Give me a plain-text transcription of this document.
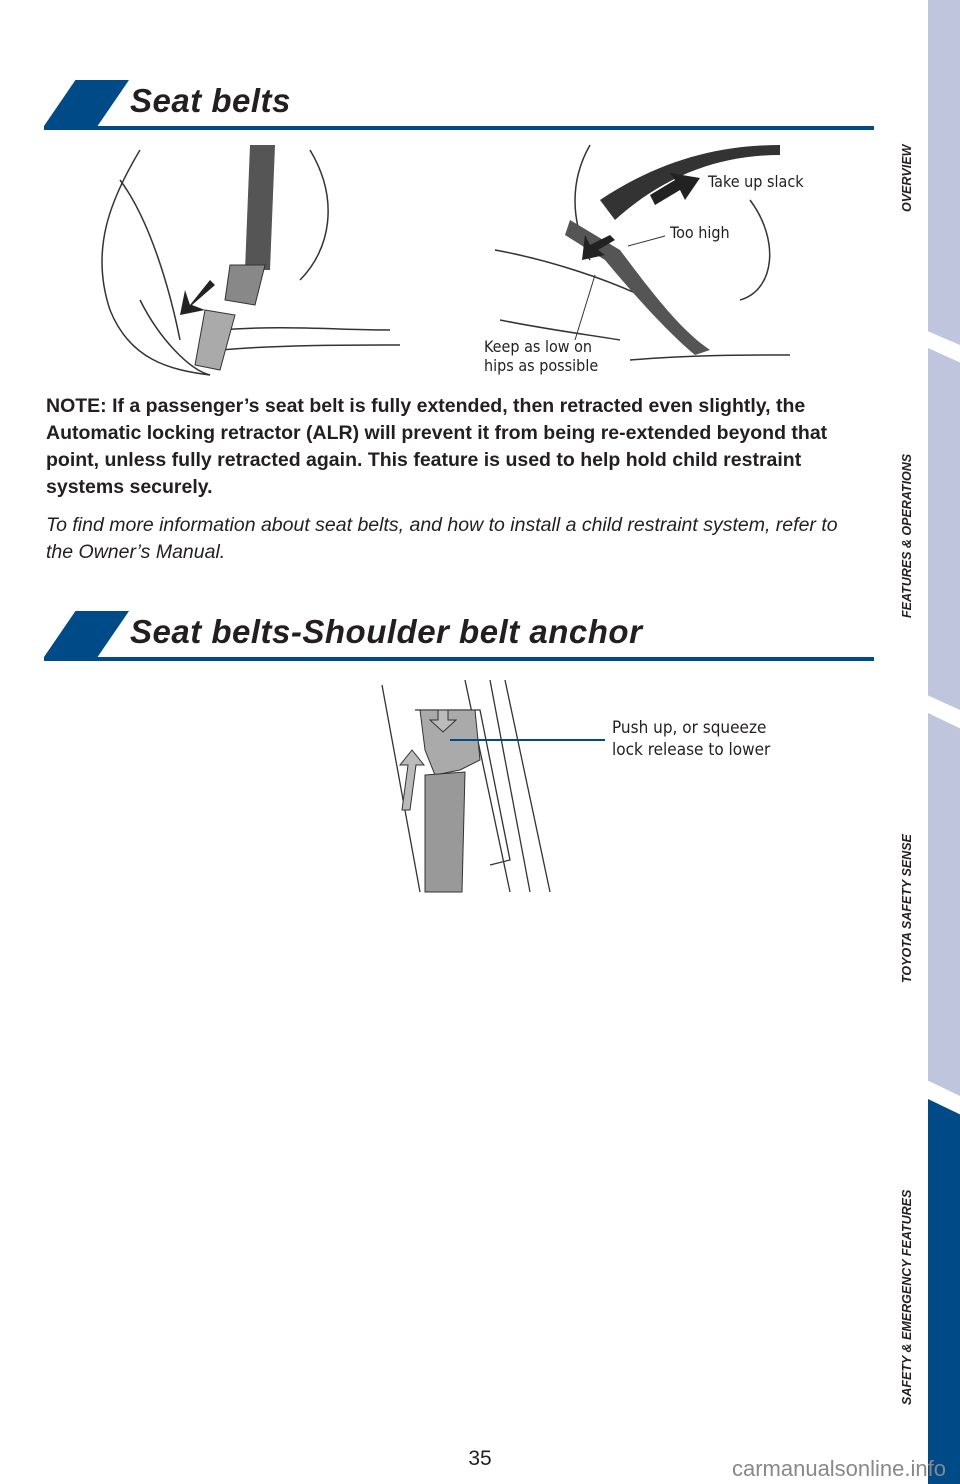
Seat belts
Take up slack
Too high
Keep as low on
hips as possible
NOTE: If a passenger’s seat belt is fully extended, then retracted even slightly, the Automatic locking retractor (ALR) will prevent it from being re-extended beyond that point, unless fully retracted again. This feature is used to help hold child restraint systems securely.
To find more information about seat belts, and how to install a child restraint system, refer to the Owner’s Manual.
Seat belts-Shoulder belt anchor
Push up, or squeeze
lock release to lower
OVERVIEW
FEATURES & OPERATIONS
TOYOTA SAFETY SENSE
SAFETY & EMERGENCY FEATURES
35	carmanualsonline.info
